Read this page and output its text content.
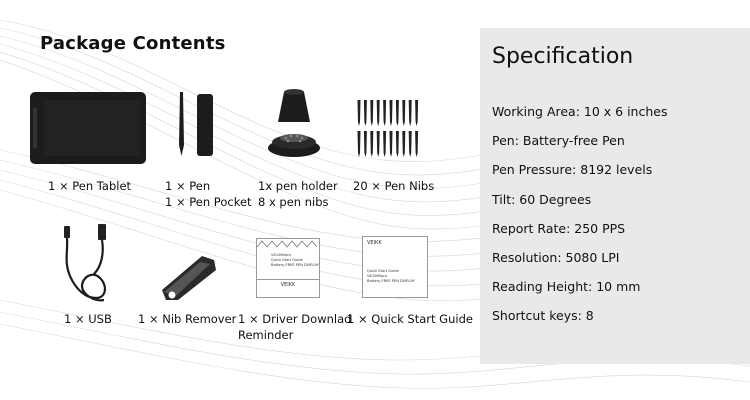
Package Contents
1 × Pen Tablet	1 × Pen
1 × Pen Pocket
1x pen holder
8 x pen nibs
20 × Pen Nibs
1 × USB 1 × Nib Remover
VK1060pro
Quick Start Guide
Battery-FREE PEN DISPLAY
VEIKK
1 × Driver Downlad
Reminder
VEIKK
Quick Start Guide
VK1060pro
Battery-FREE PEN DISPLAY
1 × Quick Start Guide
Specification
Working Area: 10 x 6 inches
Pen: Battery-free Pen
Pen Pressure: 8192 levels
Tilt: 60 Degrees
Report Rate: 250 PPS
Resolution: 5080 LPI
Reading Height: 10 mm
Shortcut keys: 8
